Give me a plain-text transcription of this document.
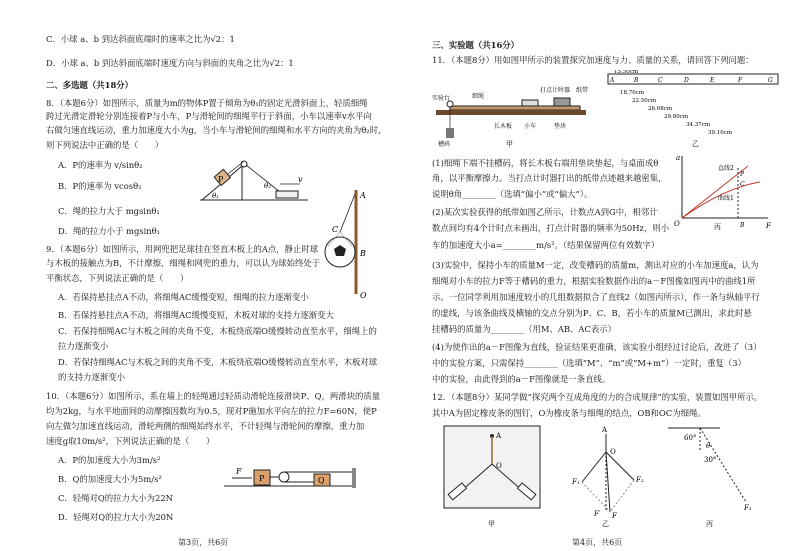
C．小球 a、b 到达斜面底端时的速率之比为√2：1
D．小球 a、b 到达斜面底端时速度方向与斜面的夹角之比为√2：1
二、多选题（共18分）
8．（本题6分）如图所示，质量为m的物体P置于倾角为θ₁的固定光滑斜面上，轻质细绳
跨过光滑定滑轮分别连接着P与小车，P与滑轮间的细绳平行于斜面，小车以速率v水平向
右做匀速直线运动，重力加速度大小为g，当小车与滑轮间的细绳和水平方向的夹角为θ₂时，
则下列说法中正确的是（　　）
A．P的速率为 v/sinθ₂
B．P的速率为 vcosθ₂
C．绳的拉力大于 mgsinθ₁
D．绳的拉力小于 mgsinθ₁
P	v
θ₁
θ₂
9．（本题6分）如图所示，用网兜把足球挂在竖直木板上的A点，静止时球
与木板的接触点为B，不计摩擦，细绳和网兜的重力，可以认为球始终处于
平衡状态，下列说法正确的是（　　）
A．若保持悬挂点A不动，将细绳AC缓慢变短，细绳的拉力逐渐变小
B．若保持悬挂点A不动，将细绳AC缓慢变短，木板对球的支持力逐渐变大
C．若保持细绳AC与木板之间的夹角不变，木板绕底端O缓慢转动直至水平，细绳上的
拉力逐渐变小
D．若保持细绳AC与木板之间的夹角不变，木板绕底端O缓慢转动直至水平，木板对球
的支持力逐渐变小
A
B
O
C
10．（本题6分）如图所示，系在墙上的轻绳通过轻质动滑轮连接滑块P、Q，两滑块的质量
均为2kg，与水平地面间的动摩擦因数均为0.5，现对P施加水平向左的拉力F=60N，使P
向左做匀加速直线运动，滑轮两侧的细绳始终水平，不计轻绳与滑轮间的摩擦，重力加
速度g取10m/s²，下列说法正确的是（　　）
A．P的加速度大小为3m/s²
B．Q的加速度大小为5m/s²
C．轻绳对Q的拉力大小为22N
D．轻绳对Q的拉力大小为20N
F
P	Q
第3页，共6页
三、实验题（共16分）
11．（本题8分）用如图甲所示的装置探究加速度与力、质量的关系，请回答下列问题：
细绳
打点计时器 纸带
小车
长木板	垫块
槽码
实验台
甲
A	B	C	D	E	F	G
15.50cm
18.70cm
22.50cm
26.08cm
29.80cm
34.37cm
39.10cm
乙
(1)细绳下端不挂槽码，将长木板右端用垫块垫起，与桌面成θ
角，以平衡摩擦力。当打点计时器打出的纸带点迹越来越密集，
说明θ角________（选填“偏小”或“偏大”）。
(2)某次实验获得的纸带如图乙所示，计数点A到G中，相邻计
数点间均有4个计时点未画出，打点计时器的频率为50Hz，则小
车的加速度大小a=________m/s²。（结果保留两位有效数字）
a
F
O
直线2
曲线1
P
C
B
丙
(3)实验中，保持小车的质量M一定，改变槽码的质量m，测出对应的小车加速度a，认为
细绳对小车的拉力F等于槽码的重力，根据实验数据作出的a－F图像如图丙中的曲线1所
示。一位同学利用加速度较小的几组数据拟合了直线2（如图丙所示），作一条与纵轴平行
的虚线，与该条曲线及横轴的交点分别为P、C、B，若小车的质量M已测出，求此时悬
挂槽码的质量为________（用M、AB、AC表示）
(4)为使作出的a－F图像为直线，验证结果更准确，该实验小组经过讨论后，改进了（3）
中的实验方案，只需保持________（选填“M”、“m”或“M+m”）一定时，重复（3）
中的实验，由此得到的a－F图像就是一条直线。
12．（本题8分）某同学做“探究两个互成角度的力的合成规律”的实验，装置如图甲所示。
其中A为固定橡皮条的图钉，O为橡皮条与细绳的结点，OB和OC为细绳。
A
O
甲
A
O
F₁	F₂
F
F′
乙
60°
30°
θ
F₁
丙
第4页，共6页
